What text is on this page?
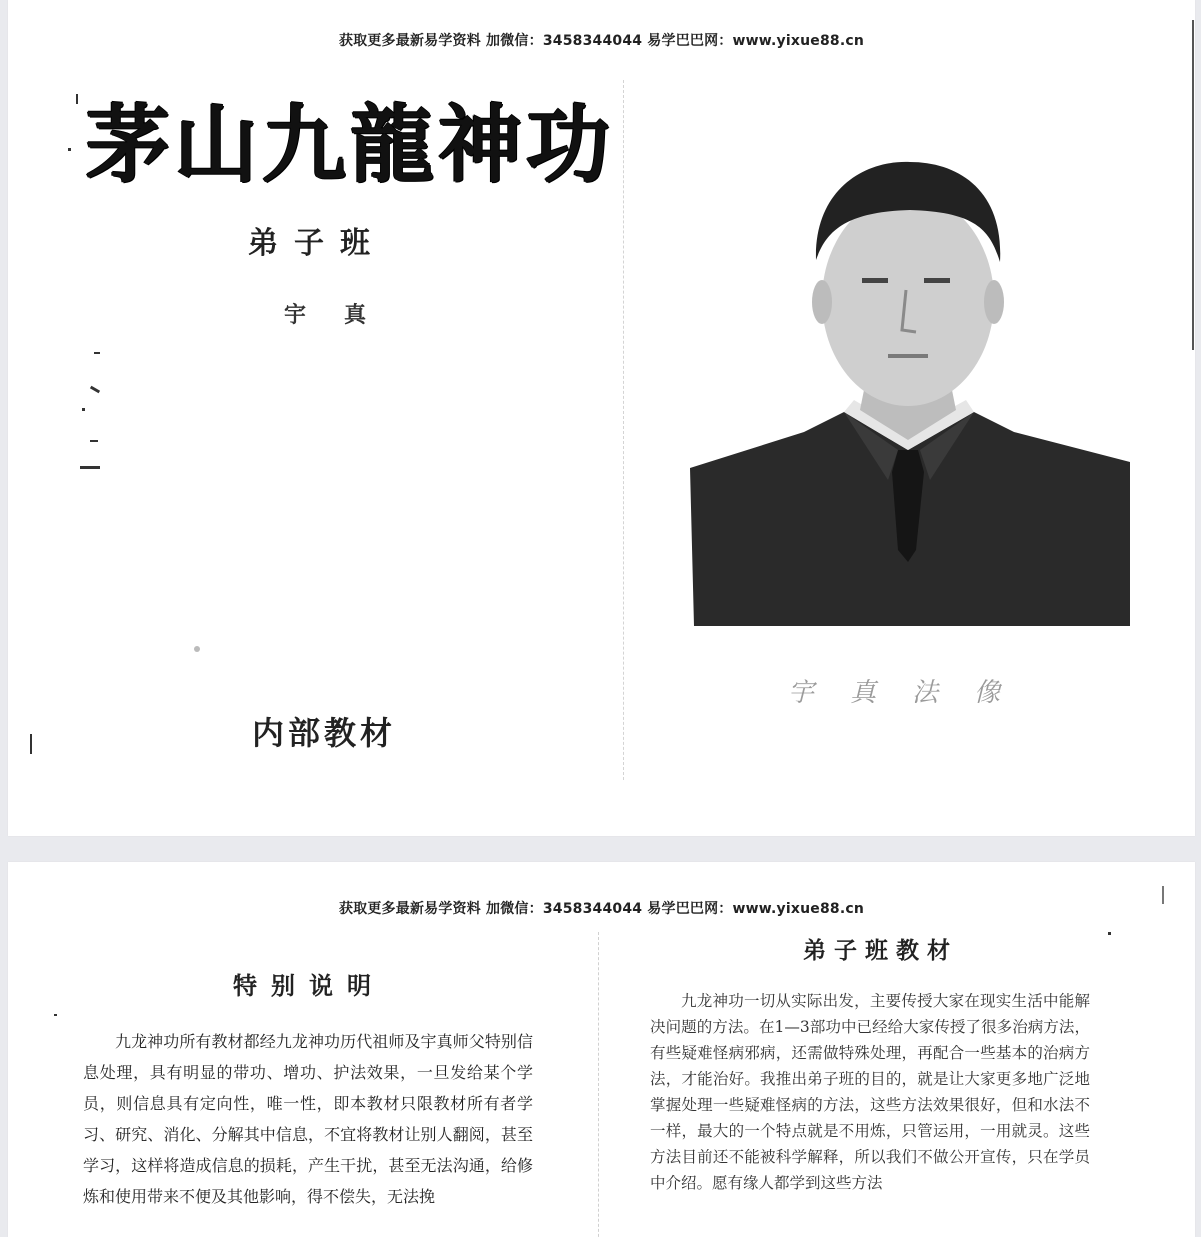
获取更多最新易学资料 加微信：3458344044 易学巴巴网：www.yixue88.cn
茅山九龍神功
弟子班
宇真
内部教材
宇真法像
获取更多最新易学资料 加微信：3458344044 易学巴巴网：www.yixue88.cn
特别说明
九龙神功所有教材都经九龙神功历代祖师及宇真师父特别信息处理，具有明显的带功、增功、护法效果，一旦发给某个学员，则信息具有定向性，唯一性，即本教材只限教材所有者学习、研究、消化、分解其中信息，不宜将教材让别人翻阅，甚至学习，这样将造成信息的损耗，产生干扰，甚至无法沟通，给修炼和使用带来不便及其他影响，得不偿失，无法挽
弟子班教材
九龙神功一切从实际出发，主要传授大家在现实生活中能解决问题的方法。在1—3部功中已经给大家传授了很多治病方法，有些疑难怪病邪病，还需做特殊处理，再配合一些基本的治病方法，才能治好。我推出弟子班的目的，就是让大家更多地广泛地掌握处理一些疑难怪病的方法，这些方法效果很好，但和水法不一样，最大的一个特点就是不用炼，只管运用，一用就灵。这些方法目前还不能被科学解释，所以我们不做公开宣传，只在学员中介绍。愿有缘人都学到这些方法
